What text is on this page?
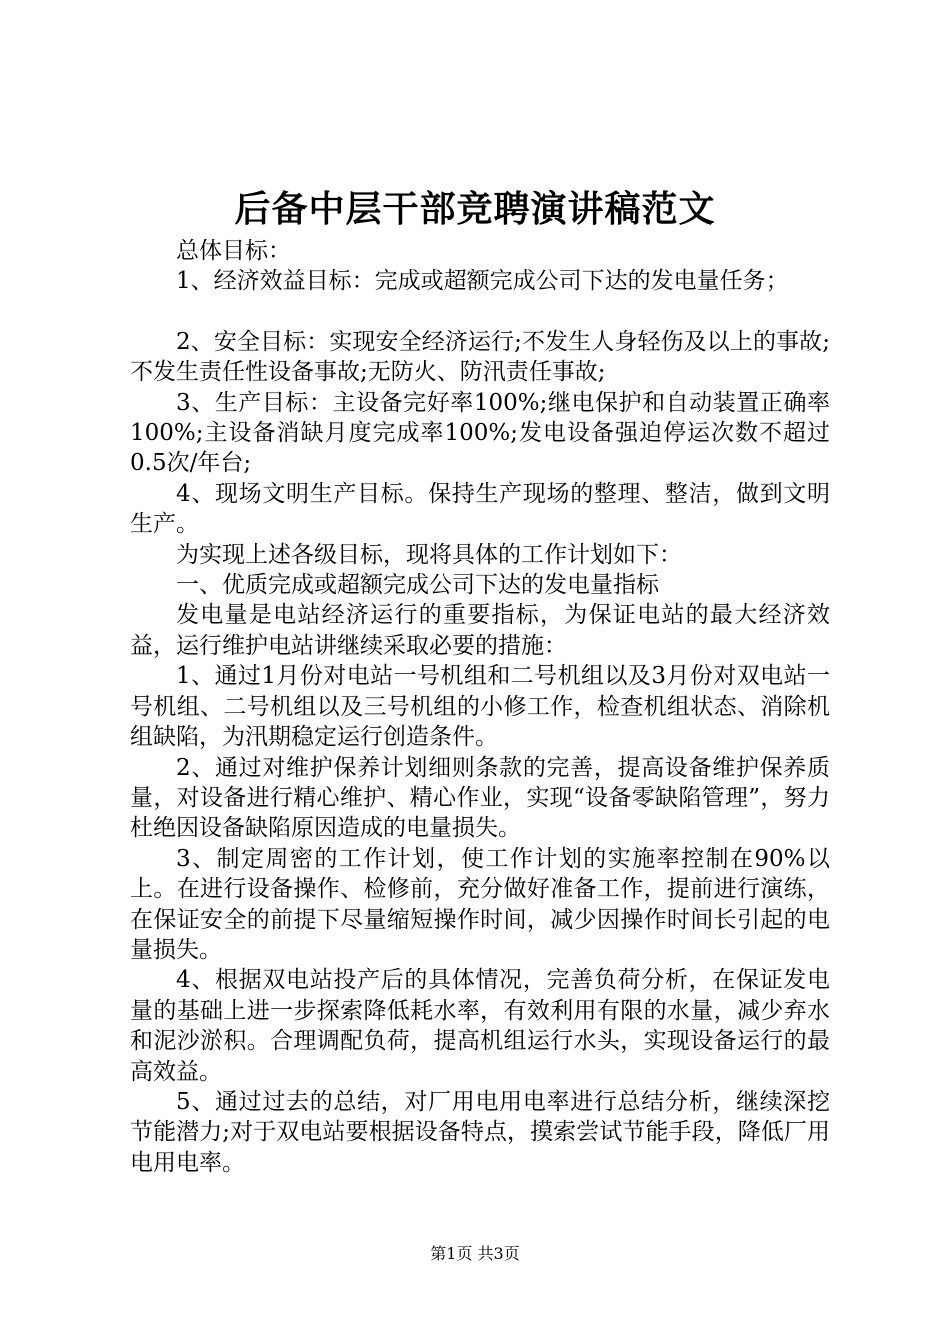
后备中层干部竞聘演讲稿范文

总体目标：

1、经济效益目标：完成或超额完成公司下达的发电量任务；

2、安全目标：实现安全经济运行;不发生人身轻伤及以上的事故;不发生责任性设备事故;无防火、防汛责任事故;

3、生产目标：主设备完好率100%;继电保护和自动装置正确率100%;主设备消缺月度完成率100%;发电设备强迫停运次数不超过0.5次/年台;

4、现场文明生产目标。保持生产现场的整理、整洁，做到文明生产。

为实现上述各级目标，现将具体的工作计划如下：

一、优质完成或超额完成公司下达的发电量指标

发电量是电站经济运行的重要指标，为保证电站的最大经济效益，运行维护电站讲继续采取必要的措施：

1、通过1月份对电站一号机组和二号机组以及3月份对双电站一号机组、二号机组以及三号机组的小修工作，检查机组状态、消除机组缺陷，为汛期稳定运行创造条件。

2、通过对维护保养计划细则条款的完善，提高设备维护保养质量，对设备进行精心维护、精心作业，实现“设备零缺陷管理”，努力杜绝因设备缺陷原因造成的电量损失。

3、制定周密的工作计划，使工作计划的实施率控制在90%以上。在进行设备操作、检修前，充分做好准备工作，提前进行演练，在保证安全的前提下尽量缩短操作时间，减少因操作时间长引起的电量损失。

4、根据双电站投产后的具体情况，完善负荷分析，在保证发电量的基础上进一步探索降低耗水率，有效利用有限的水量，减少弃水和泥沙淤积。合理调配负荷，提高机组运行水头，实现设备运行的最高效益。

5、通过过去的总结，对厂用电用电率进行总结分析，继续深挖节能潜力;对于双电站要根据设备特点，摸索尝试节能手段，降低厂用电用电率。

第1页 共3页
